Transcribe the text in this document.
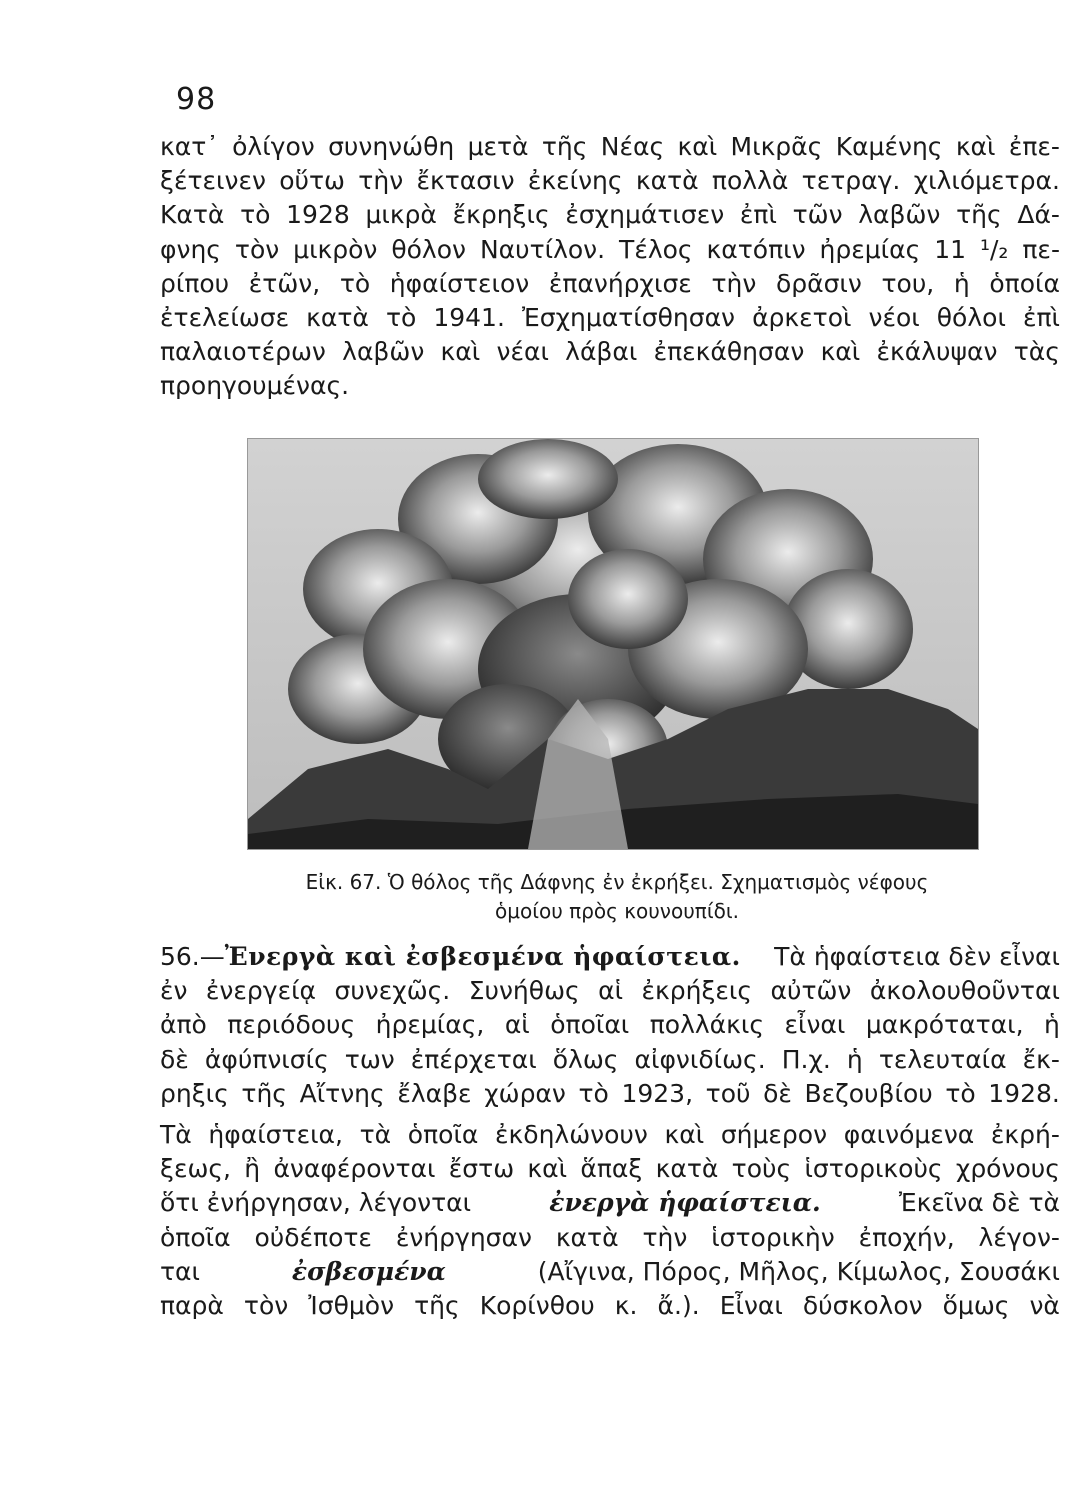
98
κατ᾽ ὀλίγον συνηνώθη μετὰ τῆς Νέας καὶ Μικρᾶς Καμένης καὶ ἐπε-
ξέτεινεν οὕτω τὴν ἔκτασιν ἐκείνης κατὰ πολλὰ τετραγ. χιλιόμετρα.
Κατὰ τὸ 1928 μικρὰ ἔκρηξις ἐσχημάτισεν ἐπὶ τῶν λαβῶν τῆς Δά-
φνης τὸν μικρὸν θόλον Ναυτίλον. Τέλος κατόπιν ἠρεμίας 11 ¹/₂ πε-
ρίπου ἐτῶν, τὸ ἡφαίστειον ἐπανήρχισε τὴν δρᾶσιν του, ἡ ὁποία
ἐτελείωσε κατὰ τὸ 1941. Ἐσχηματίσθησαν ἀρκετοὶ νέοι θόλοι ἐπὶ
παλαιοτέρων λαβῶν καὶ νέαι λάβαι ἐπεκάθησαν καὶ ἐκάλυψαν τὰς
προηγουμένας.
Εἰκ. 67. Ὁ θόλος τῆς Δάφνης ἐν ἐκρήξει. Σχηματισμὸς νέφους
ὁμοίου πρὸς κουνουπίδι.
56.—Ἐνεργὰ καὶ ἐσβεσμένα ἡφαίστεια. Τὰ ἡφαίστεια δὲν εἶναι
ἐν ἐνεργείᾳ συνεχῶς. Συνήθως αἱ ἐκρήξεις αὐτῶν ἀκολουθοῦνται
ἀπὸ περιόδους ἠρεμίας, αἱ ὁποῖαι πολλάκις εἶναι μακρόταται, ἡ
δὲ ἀφύπνισίς των ἐπέρχεται ὅλως αἰφνιδίως. Π.χ. ἡ τελευταία ἔκ-
ρηξις τῆς Αἴτνης ἔλαβε χώραν τὸ 1923, τοῦ δὲ Βεζουβίου τὸ 1928.
Τὰ ἡφαίστεια, τὰ ὁποῖα ἐκδηλώνουν καὶ σήμερον φαινόμενα ἐκρή-
ξεως, ἢ ἀναφέρονται ἔστω καὶ ἅπαξ κατὰ τοὺς ἱστορικοὺς χρόνους
ὅτι ἐνήργησαν, λέγονται	ἐνεργὰ ἡφαίστεια.	Ἐκεῖνα δὲ τὰ
ὁποῖα οὐδέποτε ἐνήργησαν κατὰ τὴν ἱστορικὴν ἐποχήν, λέγον-
ται	ἐσβεσμένα	(Αἴγινα, Πόρος, Μῆλος, Κίμωλος, Σουσάκι
παρὰ τὸν Ἰσθμὸν τῆς Κορίνθου κ. ἄ.). Εἶναι δύσκολον ὅμως νὰ
